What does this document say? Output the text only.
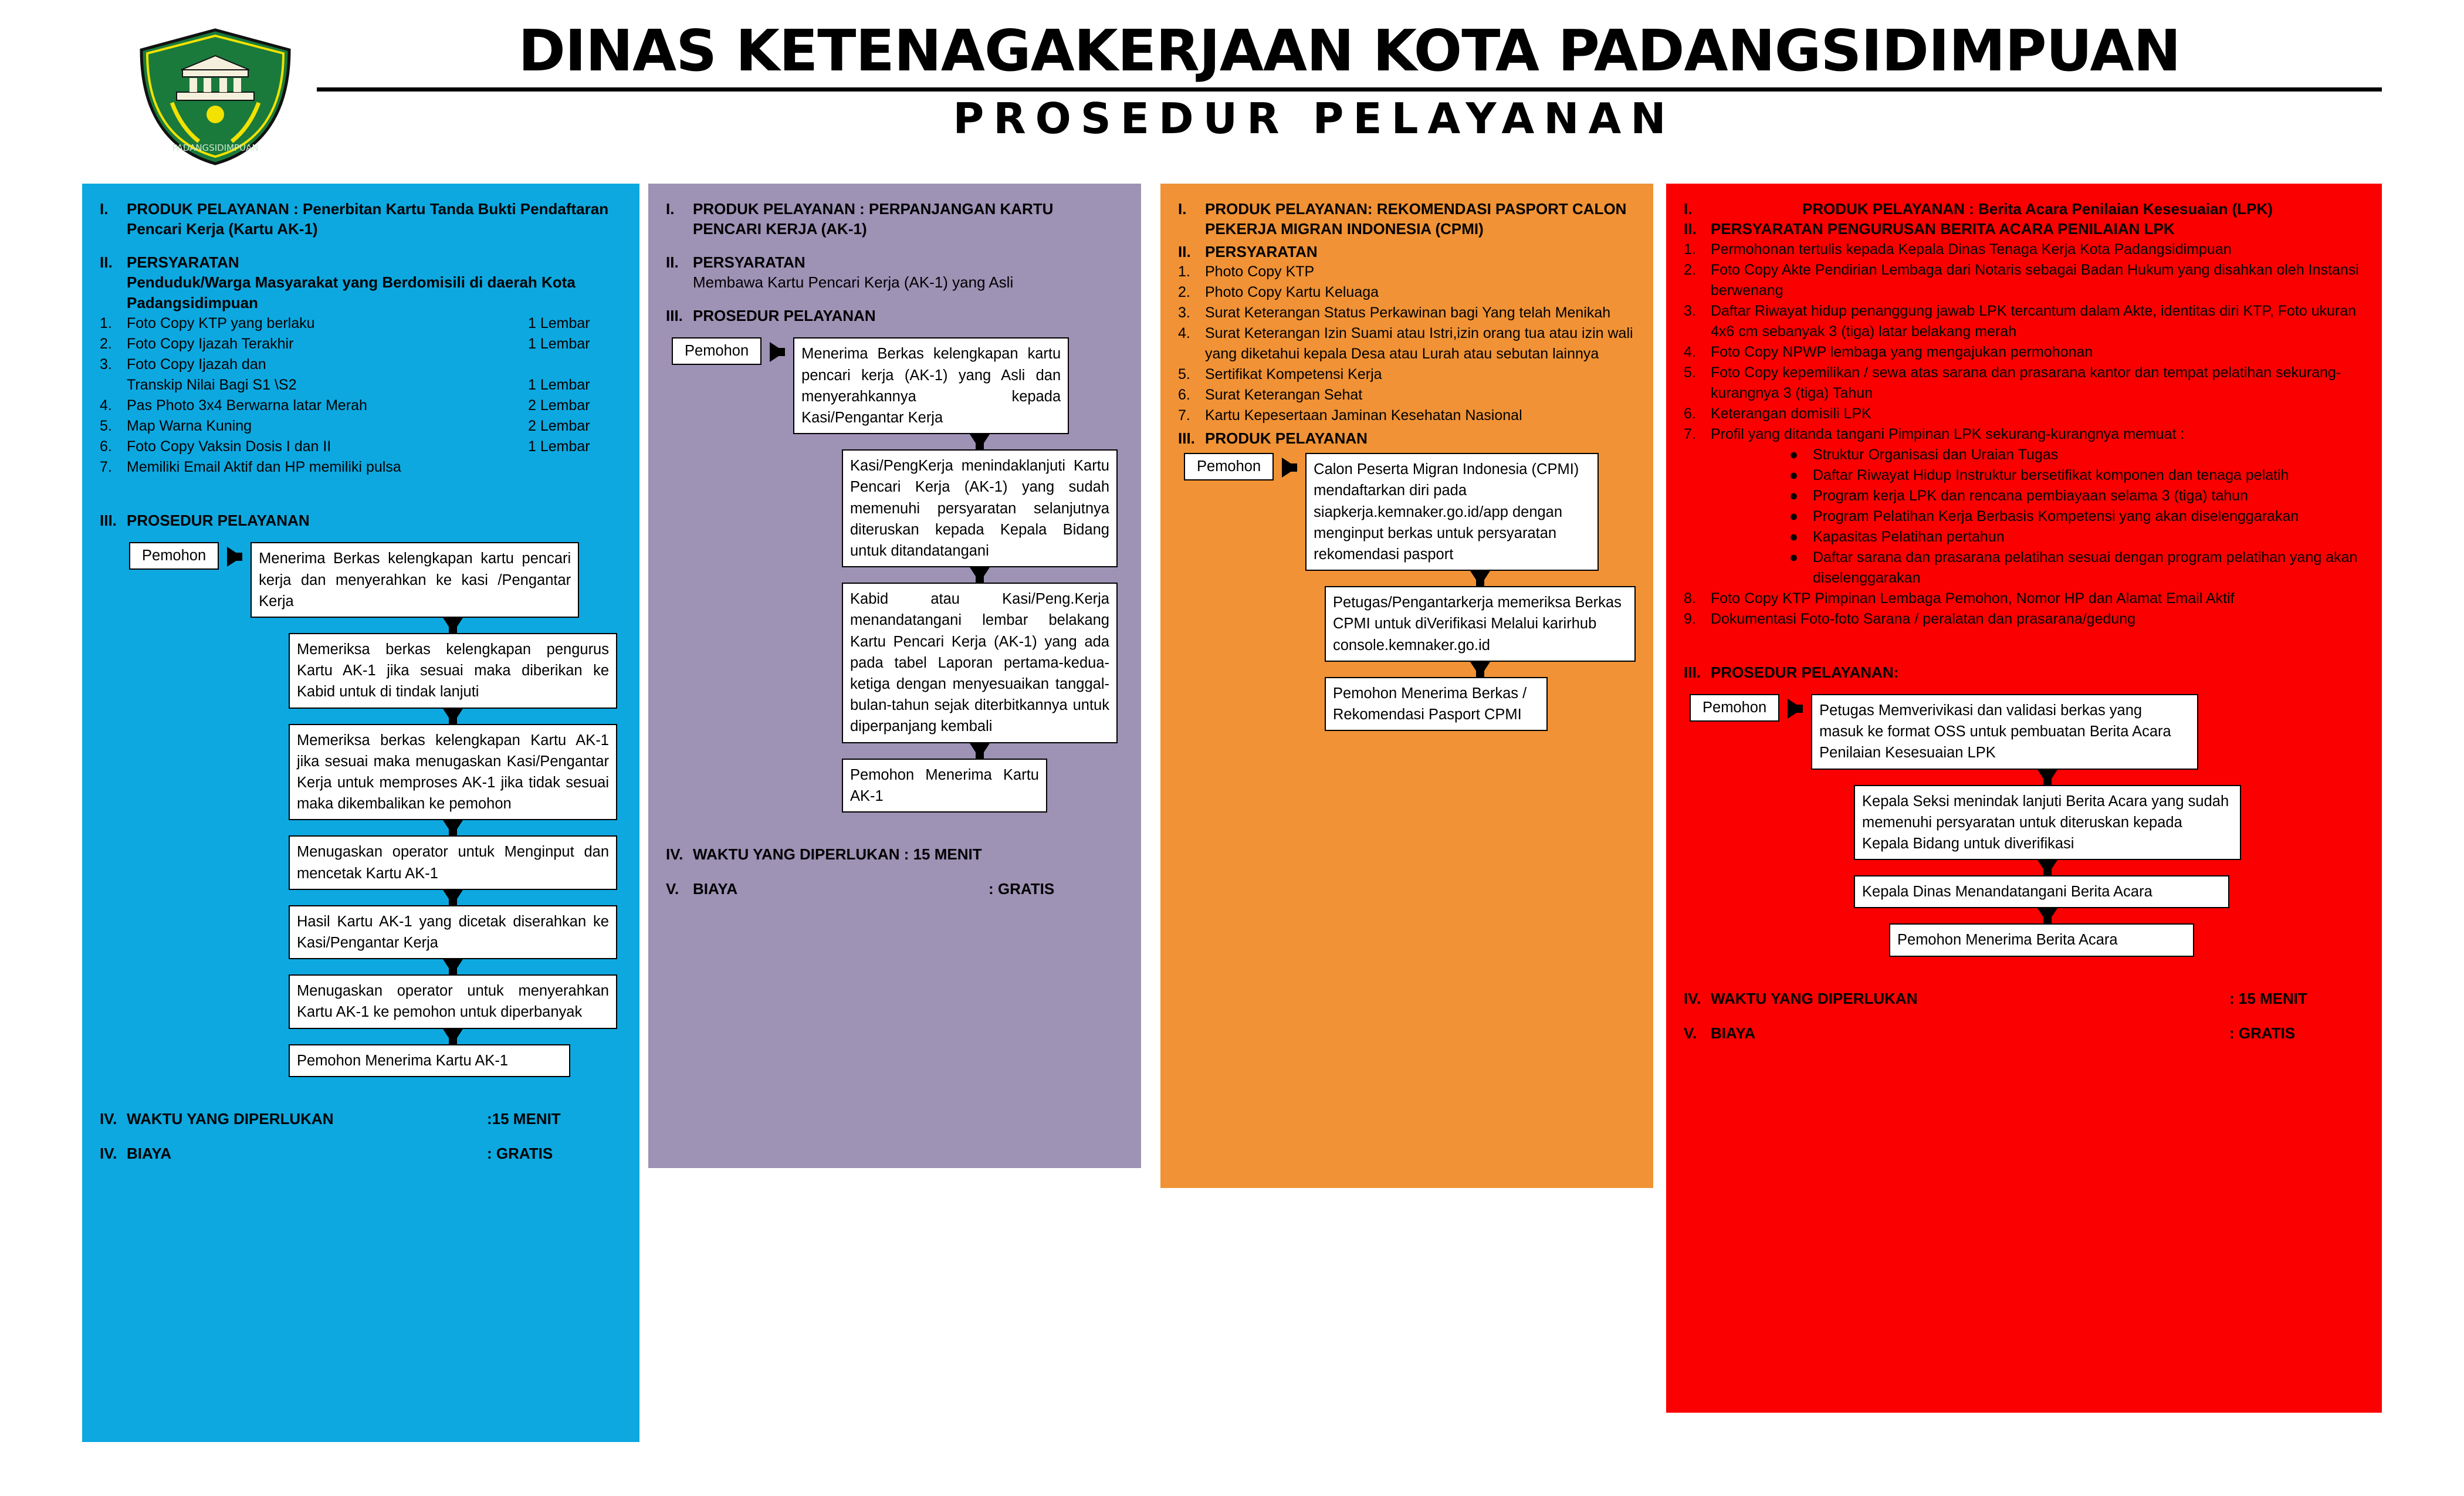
PADANGSIDIMPUAN
DINAS KETENAGAKERJAAN KOTA PADANGSIDIMPUAN
PROSEDUR PELAYANAN
I.	PRODUK PELAYANAN : Penerbitan Kartu Tanda Bukti Pendaftaran Pencari Kerja (Kartu AK-1)
II. PERSYARATAN
Penduduk/Warga Masyarakat yang Berdomisili di daerah Kota Padangsidimpuan
1.	Foto Copy KTP yang berlaku	1 Lembar
2.	Foto Copy Ijazah Terakhir	1 Lembar
3.	Foto Copy Ijazah dan
Transkip Nilai Bagi S1 \S2	1 Lembar
4.	Pas Photo 3x4 Berwarna latar Merah	2 Lembar
5.	Map Warna Kuning	2 Lembar
6.	Foto Copy Vaksin Dosis I dan II	1 Lembar
7.	Memiliki Email Aktif dan HP memiliki pulsa
III. PROSEDUR PELAYANAN
Pemohon	Menerima Berkas kelengkapan kartu pencari kerja dan menyerahkan ke kasi /Pengantar Kerja
Memeriksa berkas kelengkapan pengurus Kartu AK-1 jika sesuai maka diberikan ke Kabid untuk di tindak lanjuti
Memeriksa berkas kelengkapan Kartu AK-1 jika sesuai maka menugaskan Kasi/Pengantar Kerja untuk memproses AK-1 jika tidak sesuai maka dikembalikan ke pemohon
Menugaskan operator untuk Menginput dan mencetak Kartu AK-1
Hasil Kartu AK-1 yang dicetak diserahkan ke Kasi/Pengantar Kerja
Menugaskan operator untuk menyerahkan Kartu AK-1 ke pemohon untuk diperbanyak
Pemohon Menerima Kartu AK-1
IV. WAKTU YANG DIPERLUKAN	:15 MENIT
IV. BIAYA	: GRATIS
I.	PRODUK PELAYANAN : PERPANJANGAN KARTU PENCARI KERJA (AK-1)
II. PERSYARATAN
Membawa Kartu Pencari Kerja (AK-1) yang Asli
III. PROSEDUR PELAYANAN
Pemohon	Menerima Berkas kelengkapan kartu pencari kerja (AK-1) yang Asli dan menyerahkannya kepada Kasi/Pengantar Kerja
Kasi/PengKerja menindaklanjuti Kartu Pencari Kerja (AK-1) yang sudah memenuhi persyaratan selanjutnya diteruskan kepada Kepala Bidang untuk ditandatangani
Kabid atau Kasi/Peng.Kerja menandatangani lembar belakang Kartu Pencari Kerja (AK-1) yang ada pada tabel Laporan pertama-kedua- ketiga dengan menyesuaikan tanggal-bulan-tahun sejak diterbitkannya untuk diperpanjang kembali
Pemohon Menerima Kartu AK-1
IV. WAKTU YANG DIPERLUKAN : 15 MENIT
V. BIAYA	: GRATIS
I.	PRODUK PELAYANAN: REKOMENDASI PASPORT CALON PEKERJA MIGRAN INDONESIA (CPMI)
II. PERSYARATAN
1.	Photo Copy KTP
2.	Photo Copy Kartu Keluaga
3.	Surat Keterangan Status Perkawinan bagi Yang telah Menikah
4.	Surat Keterangan Izin Suami atau Istri,izin orang tua atau izin wali yang diketahui kepala Desa atau Lurah atau sebutan lainnya
5.	Sertifikat Kompetensi Kerja
6.	Surat Keterangan Sehat
7.	Kartu Kepesertaan Jaminan Kesehatan Nasional
III. PRODUK PELAYANAN
Pemohon	Calon Peserta Migran Indonesia (CPMI) mendaftarkan diri pada siapkerja.kemnaker.go.id/app dengan menginput berkas untuk persyaratan rekomendasi pasport
Petugas/Pengantarkerja memeriksa Berkas CPMI untuk diVerifikasi Melalui karirhub console.kemnaker.go.id
Pemohon Menerima Berkas / Rekomendasi Pasport CPMI
I.	PRODUK PELAYANAN : Berita Acara Penilaian Kesesuaian (LPK)
II. PERSYARATAN PENGURUSAN BERITA ACARA PENILAIAN LPK
1.	Permohonan tertulis kepada Kepala Dinas Tenaga Kerja Kota Padangsidimpuan
2.	Foto Copy Akte Pendirian Lembaga dari Notaris sebagai Badan Hukum yang disahkan oleh Instansi berwenang
3.	Daftar Riwayat hidup penanggung jawab LPK tercantum dalam Akte, identitas diri KTP, Foto ukuran 4x6 cm sebanyak 3 (tiga) latar belakang merah
4.	Foto Copy NPWP lembaga yang mengajukan permohonan
5.	Foto Copy kepemilikan / sewa atas sarana dan prasarana kantor dan tempat pelatihan sekurang-kurangnya 3 (tiga) Tahun
6.	Keterangan domisili LPK
7.	Profil yang ditanda tangani Pimpinan LPK sekurang-kurangnya memuat :
● Struktur Organisasi dan Uraian Tugas
● Daftar Riwayat Hidup Instruktur bersetifikat komponen dan tenaga pelatih
● Program kerja LPK dan rencana pembiayaan selama 3 (tiga) tahun
● Program Pelatihan Kerja Berbasis Kompetensi yang akan diselenggarakan
● Kapasitas Pelatihan pertahun
● Daftar sarana dan prasarana pelatihan sesuai dengan program pelatihan yang akan diselenggarakan
8.	Foto Copy KTP Pimpinan Lembaga Pemohon, Nomor HP dan Alamat Email Aktif
9.	Dokumentasi Foto-foto Sarana / peralatan dan prasarana/gedung
III. PROSEDUR PELAYANAN:
Pemohon	Petugas Memverivikasi dan validasi berkas yang masuk ke format OSS untuk pembuatan Berita Acara Penilaian Kesesuaian LPK
Kepala Seksi menindak lanjuti Berita Acara yang sudah memenuhi persyaratan untuk diteruskan kepada Kepala Bidang untuk diverifikasi
Kepala Dinas Menandatangani Berita Acara
Pemohon Menerima Berita Acara
IV. WAKTU YANG DIPERLUKAN	: 15 MENIT
V. BIAYA	: GRATIS
